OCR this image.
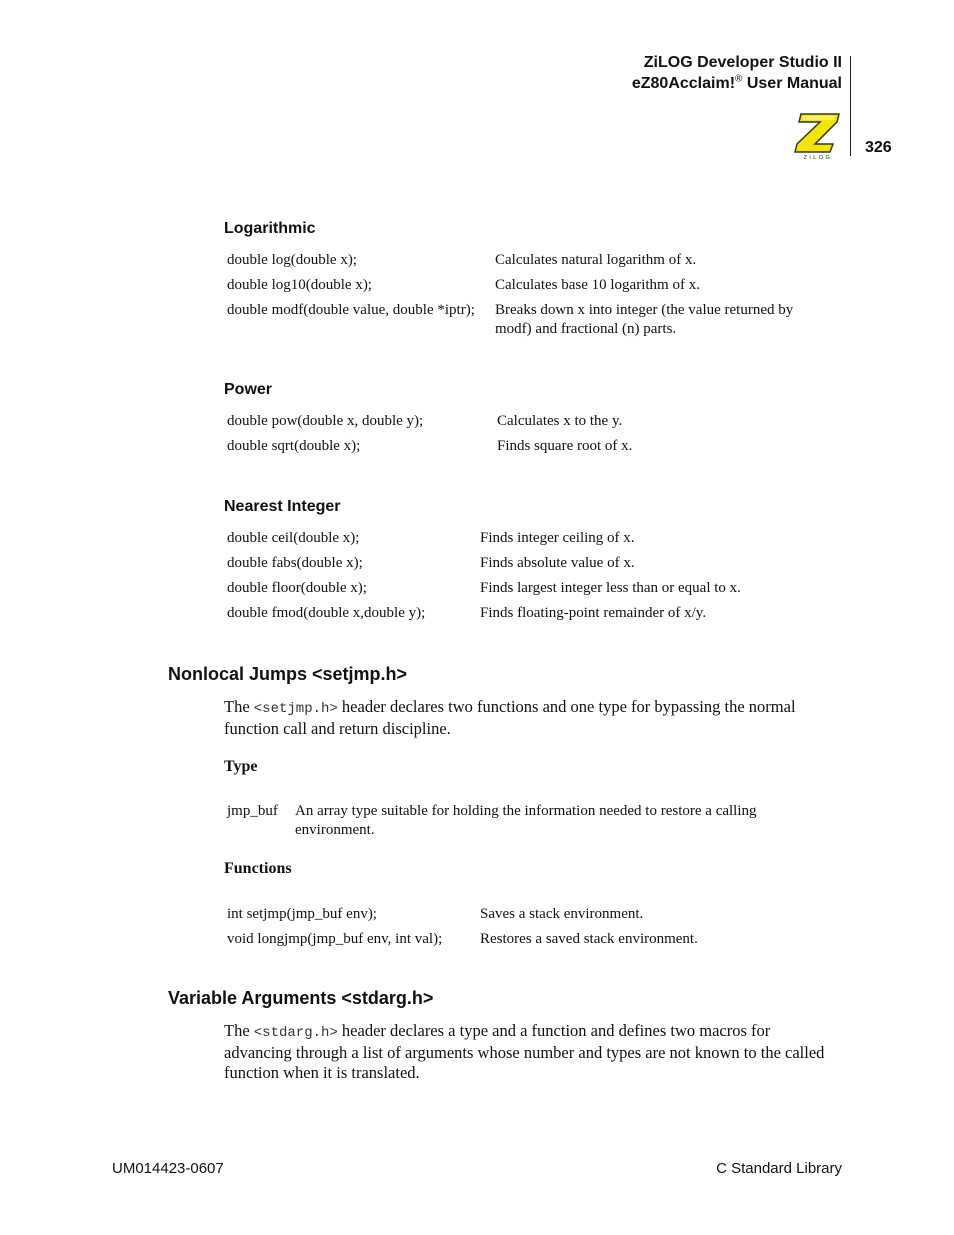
ZiLOG Developer Studio II
eZ80Acclaim!® User Manual
326
ZiLOG
Logarithmic
double log(double x);	Calculates natural logarithm of x.
double log10(double x);	Calculates base 10 logarithm of x.
double modf(double value, double *iptr); Breaks down x into integer (the value returned by
modf) and fractional (n) parts.
Power
double pow(double x, double y);	Calculates x to the y.
double sqrt(double x);	Finds square root of x.
Nearest Integer
double ceil(double x);	Finds integer ceiling of x.
double fabs(double x);	Finds absolute value of x.
double floor(double x);	Finds largest integer less than or equal to x.
double fmod(double x,double y);	Finds floating-point remainder of x/y.
Nonlocal Jumps <setjmp.h>
The <setjmp.h> header declares two functions and one type for bypassing the normal
function call and return discipline.
Type
jmp_buf An array type suitable for holding the information needed to restore a calling
environment.
Functions
int setjmp(jmp_buf env);	Saves a stack environment.
void longjmp(jmp_buf env, int val);	Restores a saved stack environment.
Variable Arguments <stdarg.h>
The <stdarg.h> header declares a type and a function and defines two macros for
advancing through a list of arguments whose number and types are not known to the called
function when it is translated.
UM014423-0607	C Standard Library
